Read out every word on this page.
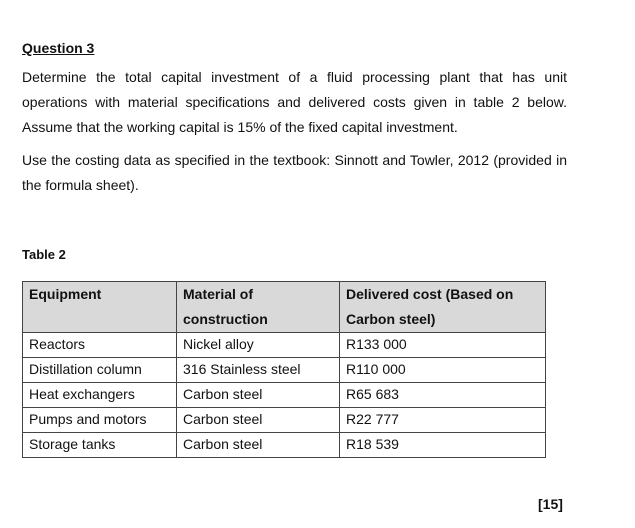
Question 3

Determine the total capital investment of a fluid processing plant that has unit operations with material specifications and delivered costs given in table 2 below. Assume that the working capital is 15% of the fixed capital investment.

Use the costing data as specified in the textbook: Sinnott and Towler, 2012 (provided in the formula sheet).

Table 2
Equipment	Material of construction	Delivered cost (Based on Carbon steel)
Reactors	Nickel alloy	R133 000
Distillation column	316 Stainless steel	R110 000
Heat exchangers	Carbon steel	R65 683
Pumps and motors	Carbon steel	R22 777
Storage tanks	Carbon steel	R18 539
[15]
